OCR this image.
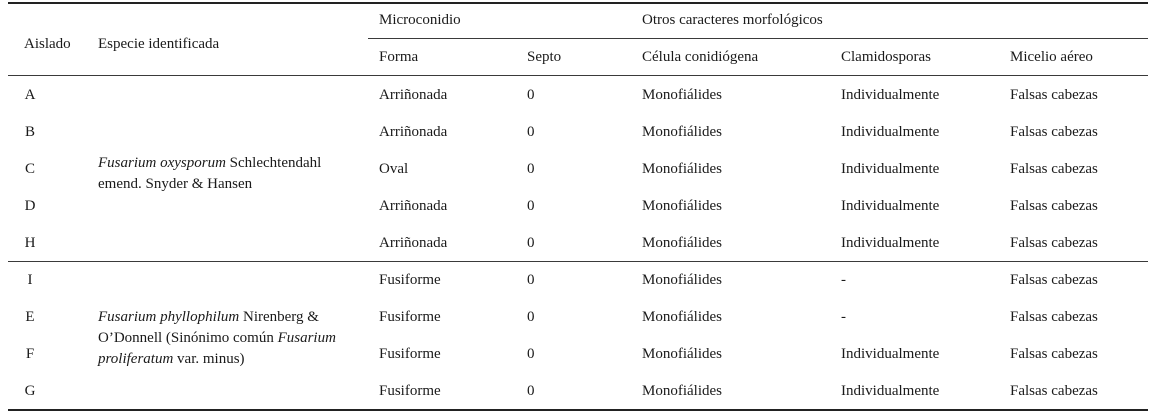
Aislado Especie identificada
Microconidio	Otros caracteres morfológicos
Forma	Septo	Célula conidiógena	Clamidosporas	Micelio aéreo
Fusarium oxysporum Schlechtendahl emend. Snyder & Hansen
A	Arriñonada	0	Monofiálides	Individualmente	Falsas cabezas
B	Arriñonada	0	Monofiálides	Individualmente	Falsas cabezas
C	Oval	0	Monofiálides	Individualmente	Falsas cabezas
D	Arriñonada	0	Monofiálides	Individualmente	Falsas cabezas
H	Arriñonada	0	Monofiálides	Individualmente	Falsas cabezas
Fusarium phyllophilum Nirenberg & O’Donnell (Sinónimo común Fusarium proliferatum var. minus)
I	Fusiforme	0	Monofiálides	-	Falsas cabezas
E	Fusiforme	0	Monofiálides	-	Falsas cabezas
F	Fusiforme	0	Monofiálides	Individualmente	Falsas cabezas
G	Fusiforme	0	Monofiálides	Individualmente	Falsas cabezas
